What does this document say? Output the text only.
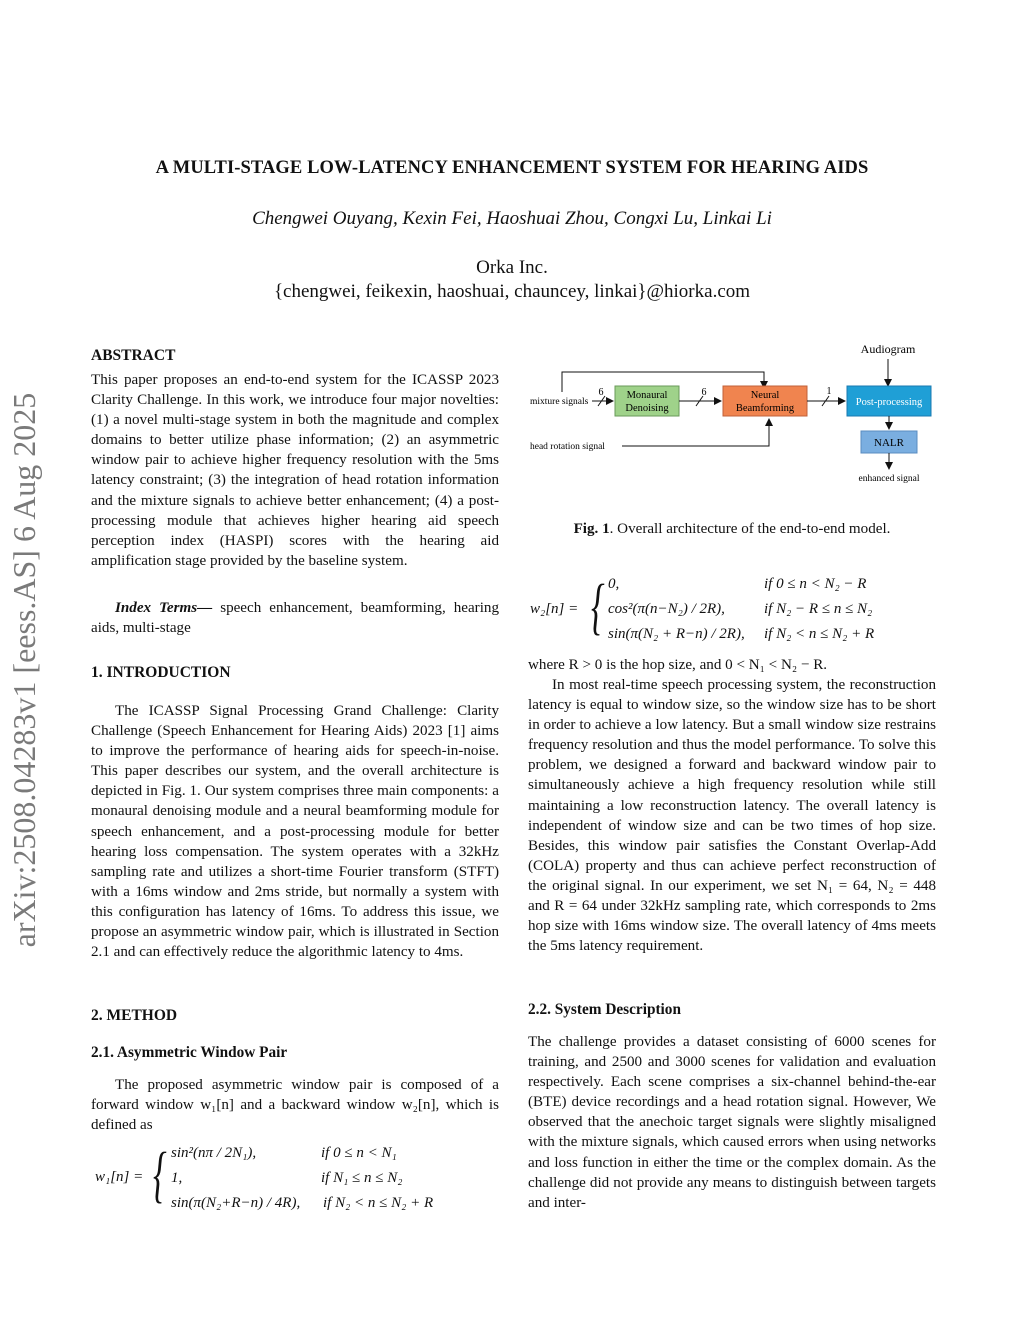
arXiv:2508.04283v1 [eess.AS] 6 Aug 2025
A MULTI-STAGE LOW-LATENCY ENHANCEMENT SYSTEM FOR HEARING AIDS
Chengwei Ouyang, Kexin Fei, Haoshuai Zhou, Congxi Lu, Linkai Li
Orka Inc.
{chengwei, feikexin, haoshuai, chauncey, linkai}@hiorka.com
ABSTRACT
This paper proposes an end-to-end system for the ICASSP 2023 Clarity Challenge. In this work, we introduce four major novelties: (1) a novel multi-stage system in both the magnitude and complex domains to better utilize phase information; (2) an asymmetric window pair to achieve higher frequency resolution with the 5ms latency constraint; (3) the integration of head rotation information and the mixture signals to achieve better enhancement; (4) a post-processing module that achieves higher hearing aid speech perception index (HASPI) scores with the hearing aid amplification stage provided by the baseline system.
Index Terms— speech enhancement, beamforming, hearing aids, multi-stage
1. INTRODUCTION
The ICASSP Signal Processing Grand Challenge: Clarity Challenge (Speech Enhancement for Hearing Aids) 2023 [1] aims to improve the performance of hearing aids for speech-in-noise. This paper describes our system, and the overall architecture is depicted in Fig. 1. Our system comprises three main components: a monaural denoising module and a neural beamforming module for speech enhancement, and a post-processing module for better hearing loss compensation. The system operates with a 32kHz sampling rate and utilizes a short-time Fourier transform (STFT) with a 16ms window and 2ms stride, but normally a system with this configuration has latency of 16ms. To address this issue, we propose an asymmetric window pair, which is illustrated in Section 2.1 and can effectively reduce the algorithmic latency to 4ms.
2. METHOD
2.1. Asymmetric Window Pair
The proposed asymmetric window pair is composed of a forward window w₁[n] and a backward window w₂[n], which is defined as
w₁[n] = { sin²(nπ / 2N₁),	if 0 ≤ n < N₁
1,	if N₁ ≤ n ≤ N₂
sin(π(N₂+R−n) / 4R), if N₂ < n ≤ N₂ + R
Audiogram
mixture signals
6 Monaural
Denoising
6	Neural
Beamforming
1
head rotation signal
Post-processing
NALR
enhanced signal
Fig. 1. Overall architecture of the end-to-end model.
w₂[n] = { 0,	if 0 ≤ n < N₂ − R
cos²(π(n−N₂) / 2R),	if N₂ − R ≤ n ≤ N₂
sin(π(N₂ + R−n) / 2R), if N₂ < n ≤ N₂ + R
where R > 0 is the hop size, and 0 < N₁ < N₂ − R.
In most real-time speech processing system, the reconstruction latency is equal to window size, so the window size has to be short in order to achieve a low latency. But a small window size restrains frequency resolution and thus the model performance. To solve this problem, we designed a forward and backward window pair to simultaneously achieve a high frequency resolution while still maintaining a low reconstruction latency. The overall latency is independent of window size and can be two times of hop size. Besides, this window pair satisfies the Constant Overlap-Add (COLA) property and thus can achieve perfect reconstruction of the original signal. In our experiment, we set N₁ = 64, N₂ = 448 and R = 64 under 32kHz sampling rate, which corresponds to 2ms hop size with 16ms window size. The overall latency of 4ms meets the 5ms latency requirement.
2.2. System Description
The challenge provides a dataset consisting of 6000 scenes for training, and 2500 and 3000 scenes for validation and evaluation respectively. Each scene comprises a six-channel behind-the-ear (BTE) device recordings and a head rotation signal. However, We observed that the anechoic target signals were slightly misaligned with the mixture signals, which caused errors when using networks and loss function in either the time or the complex domain. As the challenge did not provide any means to distinguish between targets and inter-
